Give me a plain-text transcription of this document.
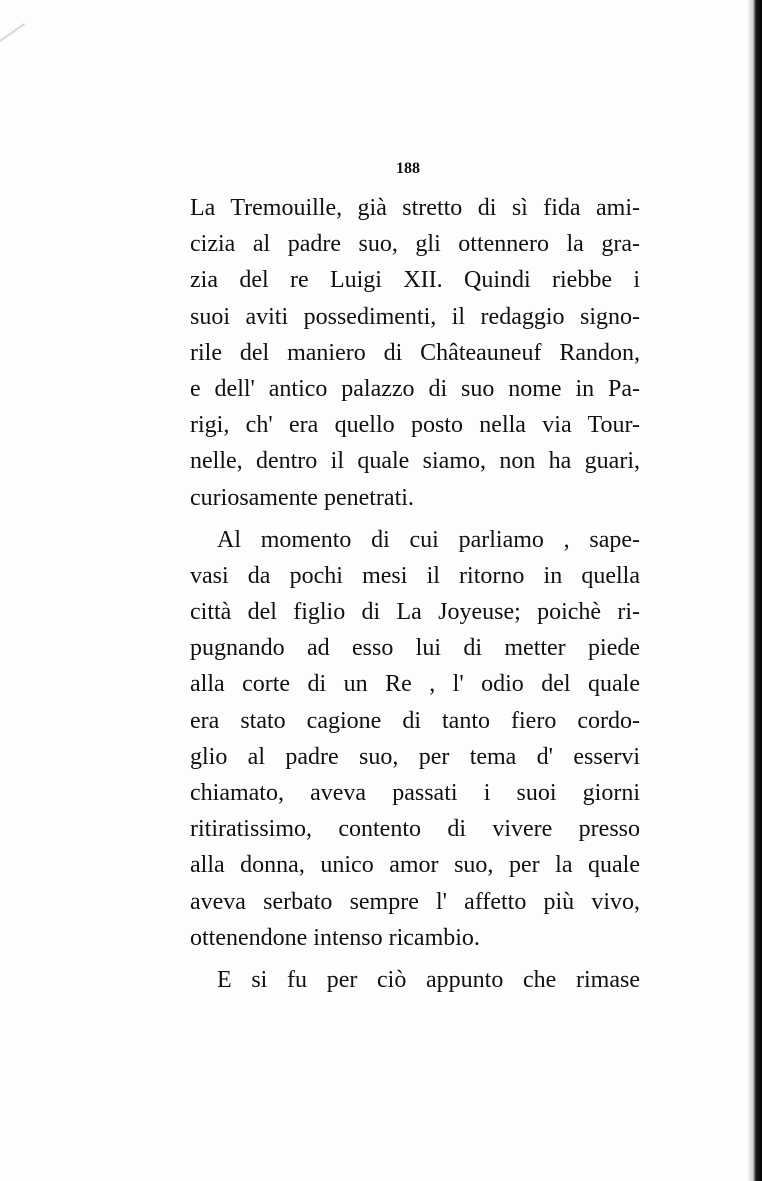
188
La Tremouille, già stretto di sì fida ami-
cizia al padre suo, gli ottennero la gra-
zia del re Luigi XII. Quindi riebbe i
suoi aviti possedimenti, il redaggio signo-
rile del maniero di Châteauneuf Randon,
e dell' antico palazzo di suo nome in Pa-
rigi, ch' era quello posto nella via Tour-
nelle, dentro il quale siamo, non ha guari,
curiosamente penetrati.
Al momento di cui parliamo , sape-
vasi da pochi mesi il ritorno in quella
città del figlio di La Joyeuse; poichè ri-
pugnando ad esso lui di metter piede
alla corte di un Re , l' odio del quale
era stato cagione di tanto fiero cordo-
glio al padre suo, per tema d' esservi
chiamato, aveva passati i suoi giorni
ritiratissimo, contento di vivere presso
alla donna, unico amor suo, per la quale
aveva serbato sempre l' affetto più vivo,
ottenendone intenso ricambio.
E si fu per ciò appunto che rimase
